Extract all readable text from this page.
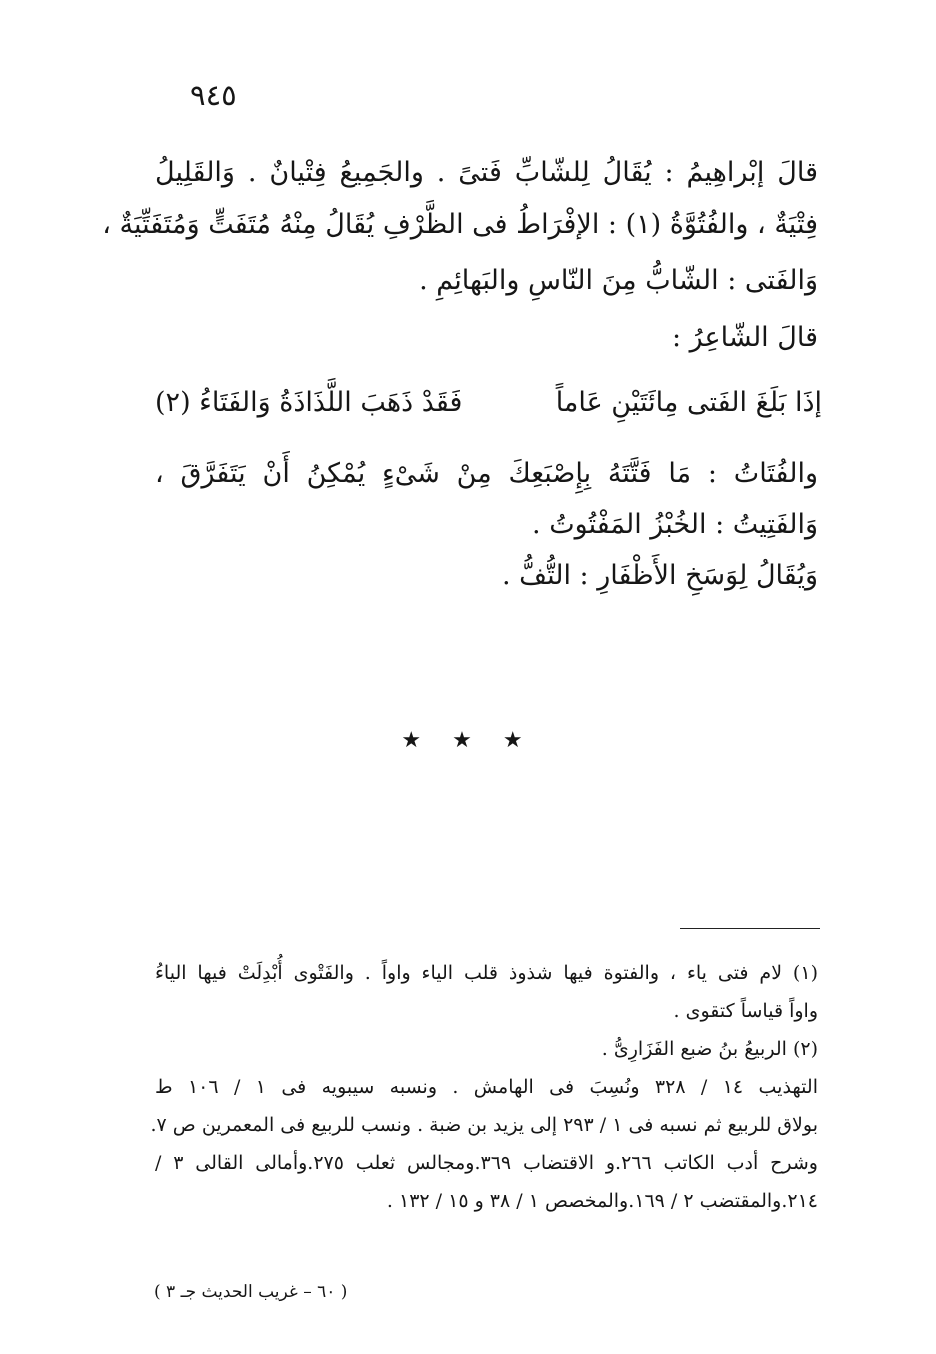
٩٤٥
قالَ إبْراهِيمُ : يُقَالُ لِلشّابِّ فَتىً . والجَمِيعُ فِتْيانٌ . وَالقَلِيلُ
فِتْيَةٌ ، والفُتُوَّةُ (١) : الإفْرَاطُ فى الظَّرْفِ يُقَالُ مِنْهُ مُتَفَتٍّ وَمُتَفَتِّيَةٌ ،
وَالفَتى : الشّابُّ مِنَ النّاسِ والبَهائِمِ .
قالَ الشّاعِرُ :
إذَا بَلَغَ الفَتى مِائَتَيْنِ عَاماً
فَقَدْ ذَهَبَ اللَّذَاذَةُ وَالفَتَاءُ (٢)
والفُتَاتُ : مَا فَتَّتَهُ بِإِصْبَعِكَ مِنْ شَىْءٍ يُمْكِنُ أَنْ يَتَفَرَّقَ ،
وَالفَتِيتُ : الخُبْزُ المَفْتُوتُ .
وَيُقَالُ لِوَسَخِ الأَظْفَارِ : التُّفُّ .
★ ★ ★
(١) لام فتى ياء ، والفتوة فيها شذوذ قلب الياء واواً . والفَتْوى أُبْدِلَتْ فيها الياءُ
واواً قياساً كتقوى .
(٢) الربيعُ بنُ ضبع الفَزَارِىُّ .
التهذيب ١٤ / ٣٢٨ ونُسِبَ فى الهامش . ونسبه سيبويه فى ١ / ١٠٦ ط
بولاق للربيع ثم نسبه فى ١ / ٢٩٣ إلى يزيد بن ضبة . ونسب للربيع فى المعمرين ص ٧.
وشرح أدب الكاتب ٢٦٦.و الاقتضاب ٣٦٩.ومجالس ثعلب ٢٧٥.وأمالى القالى ٣ /
٢١٤.والمقتضب ٢ / ١٦٩.والمخصص ١ / ٣٨ و ١٥ / ١٣٢ .
( ٦٠ – غريب الحديث جـ ٣ )
